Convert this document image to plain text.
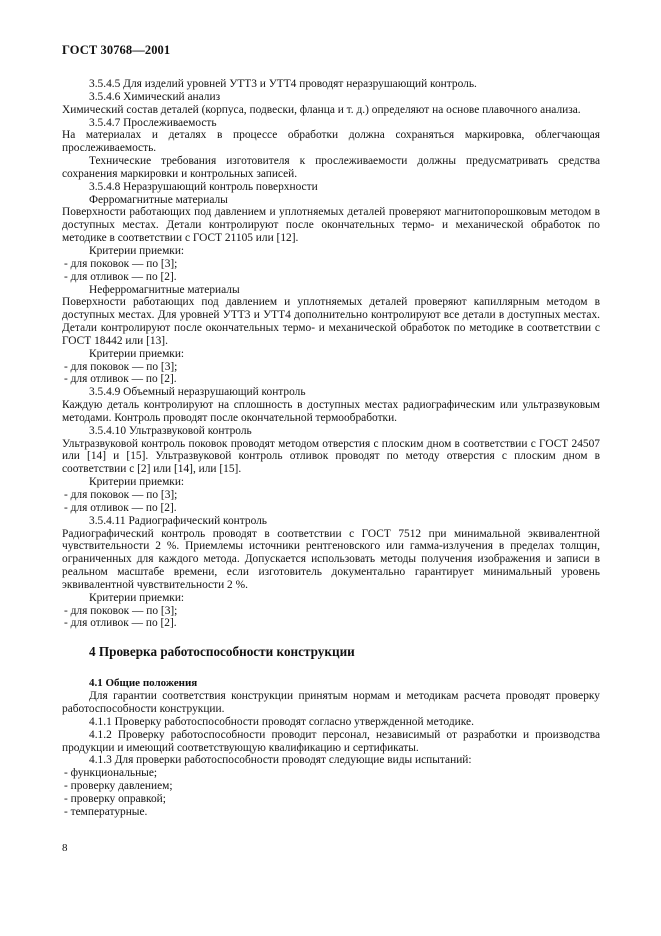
ГОСТ 30768—2001

3.5.4.5 Для изделий уровней УТТ3 и УТТ4 проводят неразрушающий контроль.

3.5.4.6 Химический анализ

Химический состав деталей (корпуса, подвески, фланца и т. д.) определяют на основе плавочного анализа.

3.5.4.7 Прослеживаемость

На материалах и деталях в процессе обработки должна сохраняться маркировка, облегчающая прослеживаемость.

Технические требования изготовителя к прослеживаемости должны предусматривать средства сохранения маркировки и контрольных записей.

3.5.4.8 Неразрушающий контроль поверхности

Ферромагнитные материалы

Поверхности работающих под давлением и уплотняемых деталей проверяют магнитопорошковым методом в доступных местах. Детали контролируют после окончательных термо- и механической обработок по методике в соответствии с ГОСТ 21105 или [12].

Критерии приемки:

- для поковок — по [3];

- для отливок — по [2].

Неферромагнитные материалы

Поверхности работающих под давлением и уплотняемых деталей проверяют капиллярным методом в доступных местах. Для уровней УТТ3 и УТТ4 дополнительно контролируют все детали в доступных местах. Детали контролируют после окончательных термо- и механической обработок по методике в соответствии с ГОСТ 18442 или [13].

Критерии приемки:

- для поковок — по [3];

- для отливок — по [2].

3.5.4.9 Объемный неразрушающий контроль

Каждую деталь контролируют на сплошность в доступных местах радиографическим или ультразвуковым методами. Контроль проводят после окончательной термообработки.

3.5.4.10 Ультразвуковой контроль

Ультразвуковой контроль поковок проводят методом отверстия с плоским дном в соответствии с ГОСТ 24507 или [14] и [15]. Ультразвуковой контроль отливок проводят по методу отверстия с плоским дном в соответствии с [2] или [14], или [15].

Критерии приемки:

- для поковок — по [3];

- для отливок — по [2].

3.5.4.11 Радиографический контроль

Радиографический контроль проводят в соответствии с ГОСТ 7512 при минимальной эквивалентной чувствительности 2 %. Приемлемы источники рентгеновского или гамма-излучения в пределах толщин, ограниченных для каждого метода. Допускается использовать методы получения изображения и записи в реальном масштабе времени, если изготовитель документально гарантирует минимальный уровень эквивалентной чувствительности 2 %.

Критерии приемки:

- для поковок — по [3];

- для отливок — по [2].

4 Проверка работоспособности конструкции

4.1 Общие положения

Для гарантии соответствия конструкции принятым нормам и методикам расчета проводят проверку работоспособности конструкции.

4.1.1 Проверку работоспособности проводят согласно утвержденной методике.

4.1.2 Проверку работоспособности проводит персонал, независимый от разработки и производства продукции и имеющий соответствующую квалификацию и сертификаты.

4.1.3 Для проверки работоспособности проводят следующие виды испытаний:

- функциональные;

- проверку давлением;

- проверку оправкой;

- температурные.

8
